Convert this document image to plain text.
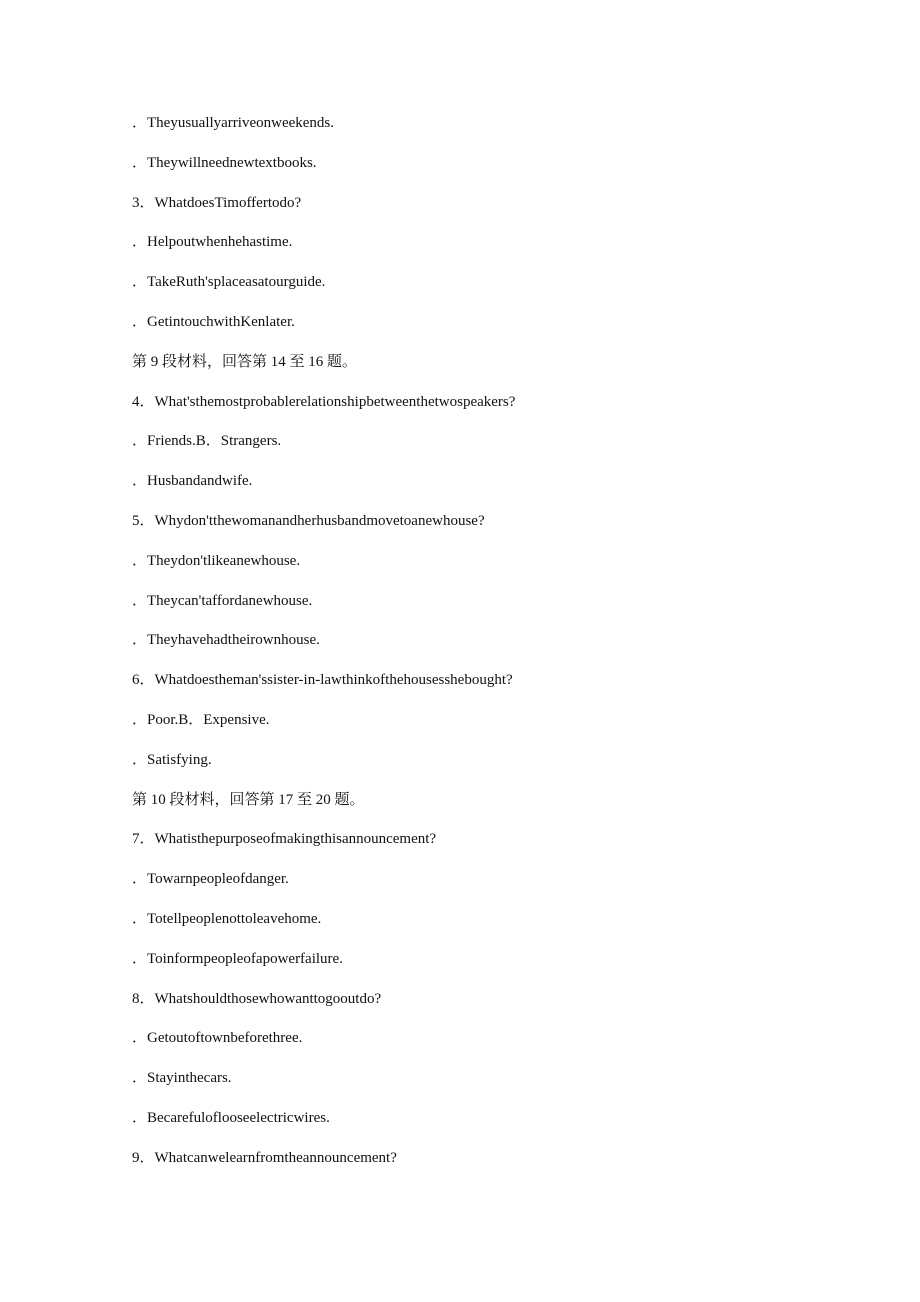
．Theyusuallyarriveonweekends.
．Theywillneednewtextbooks.
3．WhatdoesTimoffertodo?
．Helpoutwhenhehastime.
．TakeRuth'splaceasatourguide.
．GetintouchwithKenlater.
第 9 段材料，回答第 14 至 16 题。
4．What'sthemostprobablerelationshipbetweenthetwospeakers?
．Friends.B．Strangers.
．Husbandandwife.
5．Whydon'tthewomanandherhusbandmovetoanewhouse?
．Theydon'tlikeanewhouse.
．Theycan'taffordanewhouse.
．Theyhavehadtheirownhouse.
6．Whatdoestheman'ssister-in-lawthinkofthehousesshebought?
．Poor.B．Expensive.
．Satisfying.
第 10 段材料，回答第 17 至 20 题。
7．Whatisthepurposeofmakingthisannouncement?
．Towarnpeopleofdanger.
．Totellpeoplenottoleavehome.
．Toinformpeopleofapowerfailure.
8．Whatshouldthosewhowanttogooutdo?
．Getoutoftownbeforethree.
．Stayinthecars.
．Becarefuloflooseelectricwires.
9．Whatcanwelearnfromtheannouncement?
